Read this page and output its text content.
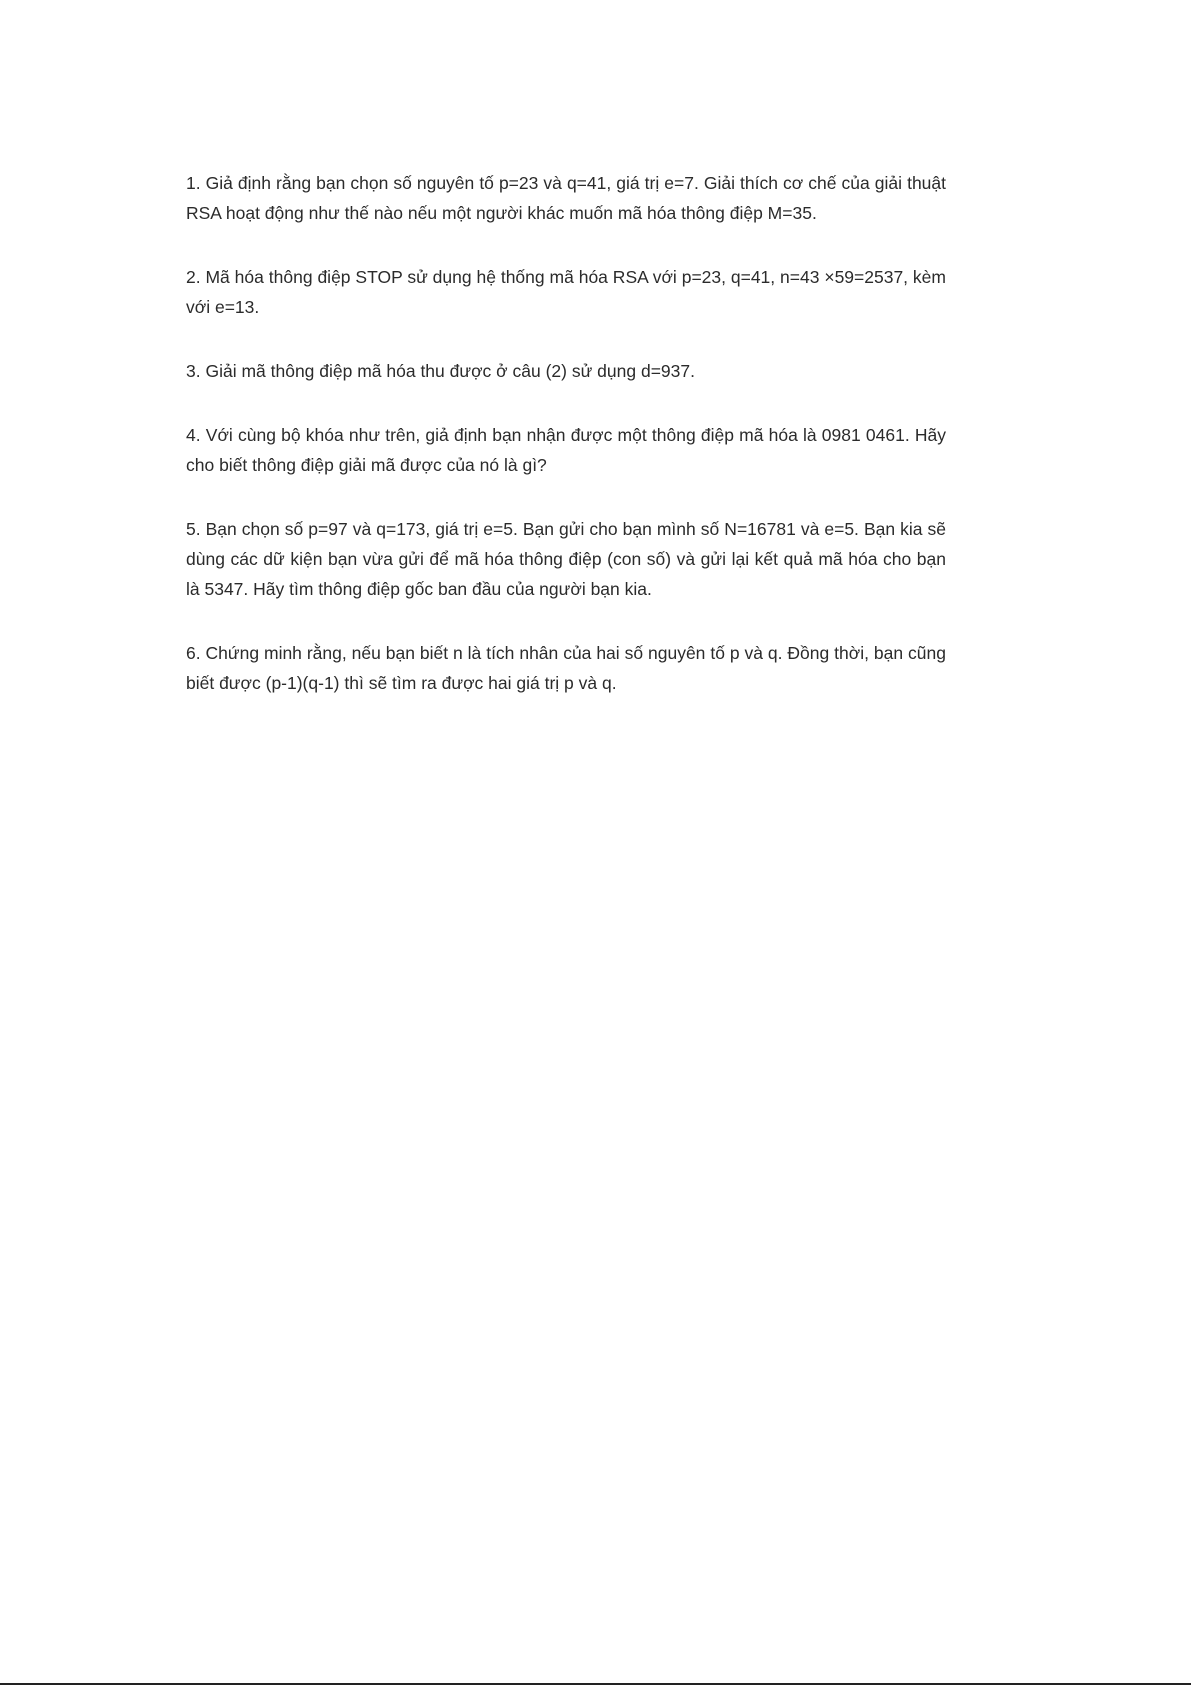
1. Giả định rằng bạn chọn số nguyên tố p=23 và q=41, giá trị e=7. Giải thích cơ chế của giải thuật RSA hoạt động như thế nào nếu một người khác muốn mã hóa thông điệp M=35.

2. Mã hóa thông điệp STOP sử dụng hệ thống mã hóa RSA với p=23, q=41, n=43 ×59=2537, kèm với e=13.

3. Giải mã thông điệp mã hóa thu được ở câu (2) sử dụng d=937.

4. Với cùng bộ khóa như trên, giả định bạn nhận được một thông điệp mã hóa là 0981 0461. Hãy cho biết thông điệp giải mã được của nó là gì?

5. Bạn chọn số p=97 và q=173, giá trị e=5. Bạn gửi cho bạn mình số N=16781 và e=5. Bạn kia sẽ dùng các dữ kiện bạn vừa gửi để mã hóa thông điệp (con số) và gửi lại kết quả mã hóa cho bạn là 5347. Hãy tìm thông điệp gốc ban đầu của người bạn kia.

6. Chứng minh rằng, nếu bạn biết n là tích nhân của hai số nguyên tố p và q. Đồng thời, bạn cũng biết được (p-1)(q-1) thì sẽ tìm ra được hai giá trị p và q.
